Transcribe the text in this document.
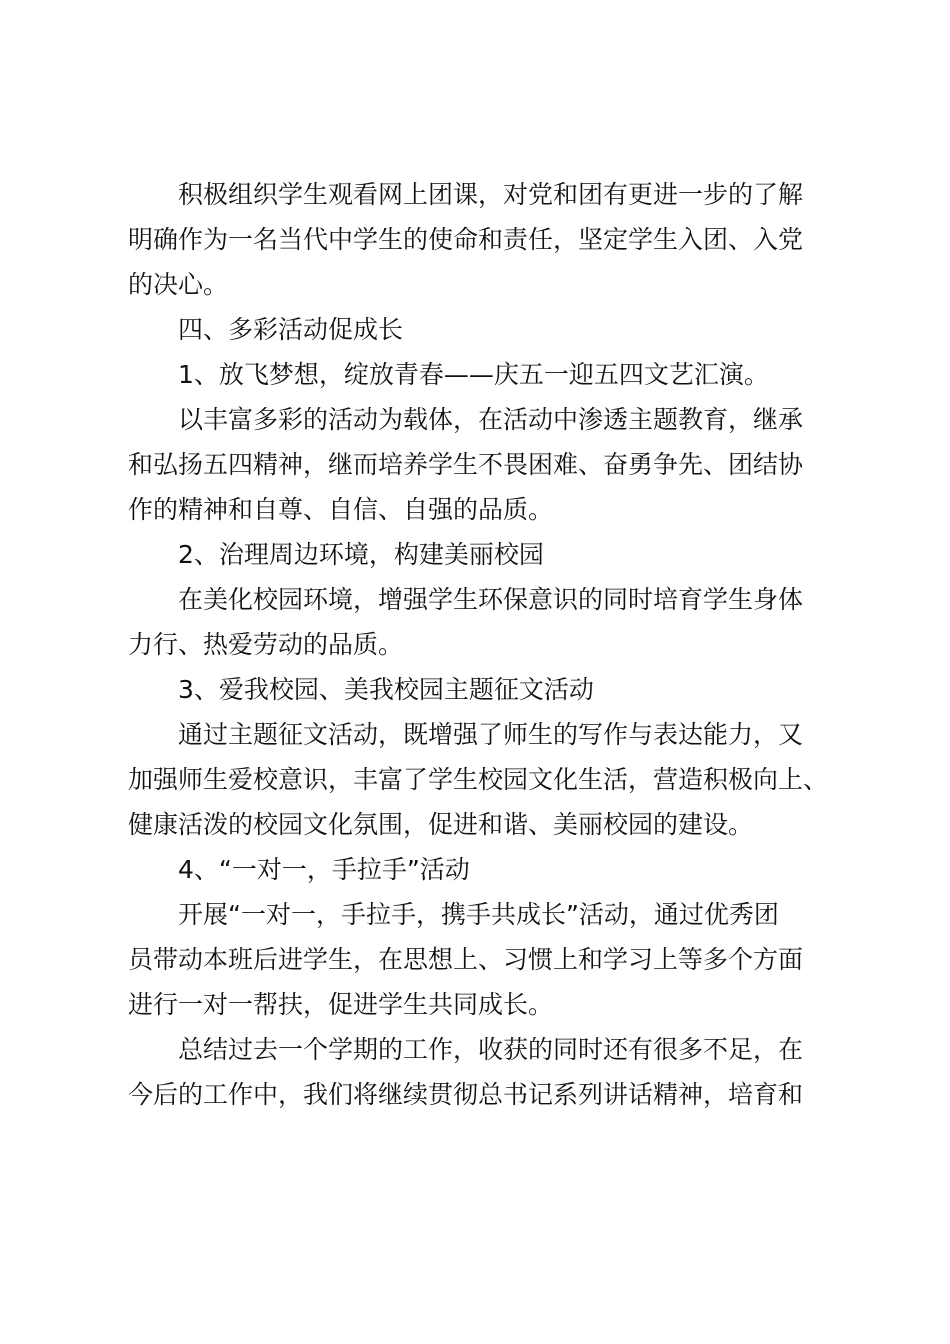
积极组织学生观看网上团课，对党和团有更进一步的了解
明确作为一名当代中学生的使命和责任，坚定学生入团、入党
的决心。
四、多彩活动促成长
1、放飞梦想，绽放青春——庆五一迎五四文艺汇演。
以丰富多彩的活动为载体，在活动中渗透主题教育，继承
和弘扬五四精神，继而培养学生不畏困难、奋勇争先、团结协
作的精神和自尊、自信、自强的品质。
2、治理周边环境，构建美丽校园
在美化校园环境，增强学生环保意识的同时培育学生身体
力行、热爱劳动的品质。
3、爱我校园、美我校园主题征文活动
通过主题征文活动，既增强了师生的写作与表达能力，又
加强师生爱校意识，丰富了学生校园文化生活，营造积极向上、
健康活泼的校园文化氛围，促进和谐、美丽校园的建设。
4、“一对一，手拉手”活动
开展“一对一，手拉手，携手共成长”活动，通过优秀团
员带动本班后进学生，在思想上、习惯上和学习上等多个方面
进行一对一帮扶，促进学生共同成长。
总结过去一个学期的工作，收获的同时还有很多不足，在
今后的工作中，我们将继续贯彻总书记系列讲话精神，培育和
